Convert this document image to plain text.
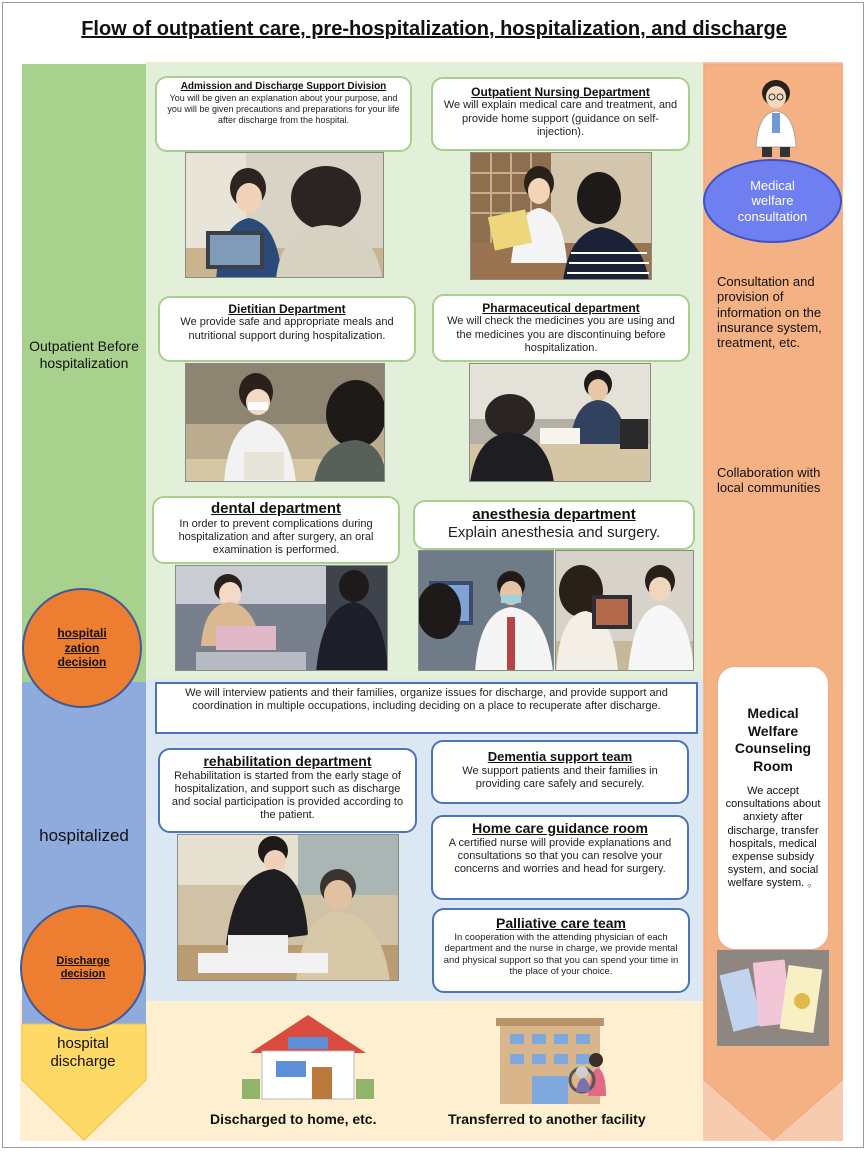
Flow of outpatient care, pre-hospitalization, hospitalization, and discharge
Outpatient Before hospitalization
hospitalized
hospital discharge
hospitali zation decision
Discharge decision
Admission and Discharge Support Division
You will be given an explanation about your purpose, and you will be given precautions and preparations for your life after discharge from the hospital.
Outpatient Nursing Department
We will explain medical care and treatment, and provide home support (guidance on self-injection).
Dietitian Department
We provide safe and appropriate meals and nutritional support during hospitalization.
Pharmaceutical department
We will check the medicines you are using and the medicines you are discontinuing before hospitalization.
dental department
In order to prevent complications during hospitalization and after surgery, an oral examination is performed.
anesthesia department
Explain anesthesia and surgery.
We will interview patients and their families, organize issues for discharge, and provide support and coordination in multiple occupations, including deciding on a place to recuperate after discharge.
rehabilitation department
Rehabilitation is started from the early stage of hospitalization, and support such as discharge and social participation is provided according to the patient.
Dementia support team
We support patients and their families in providing care safely and securely.
Home care guidance room
A certified nurse will provide explanations and consultations so that you can resolve your concerns and worries and head for surgery.
Palliative care team
In cooperation with the attending physician of each department and the nurse in charge, we provide mental and physical support so that you can spend your time in the place of your choice.
Medical welfare consultation
Consultation and provision of information on the insurance system, treatment, etc.
Collaboration with local communities
Medical Welfare Counseling Room
We accept consultations about anxiety after discharge, transfer hospitals, medical expense subsidy system, and social welfare system. 。
Discharged to home, etc.	Transferred to another facility
